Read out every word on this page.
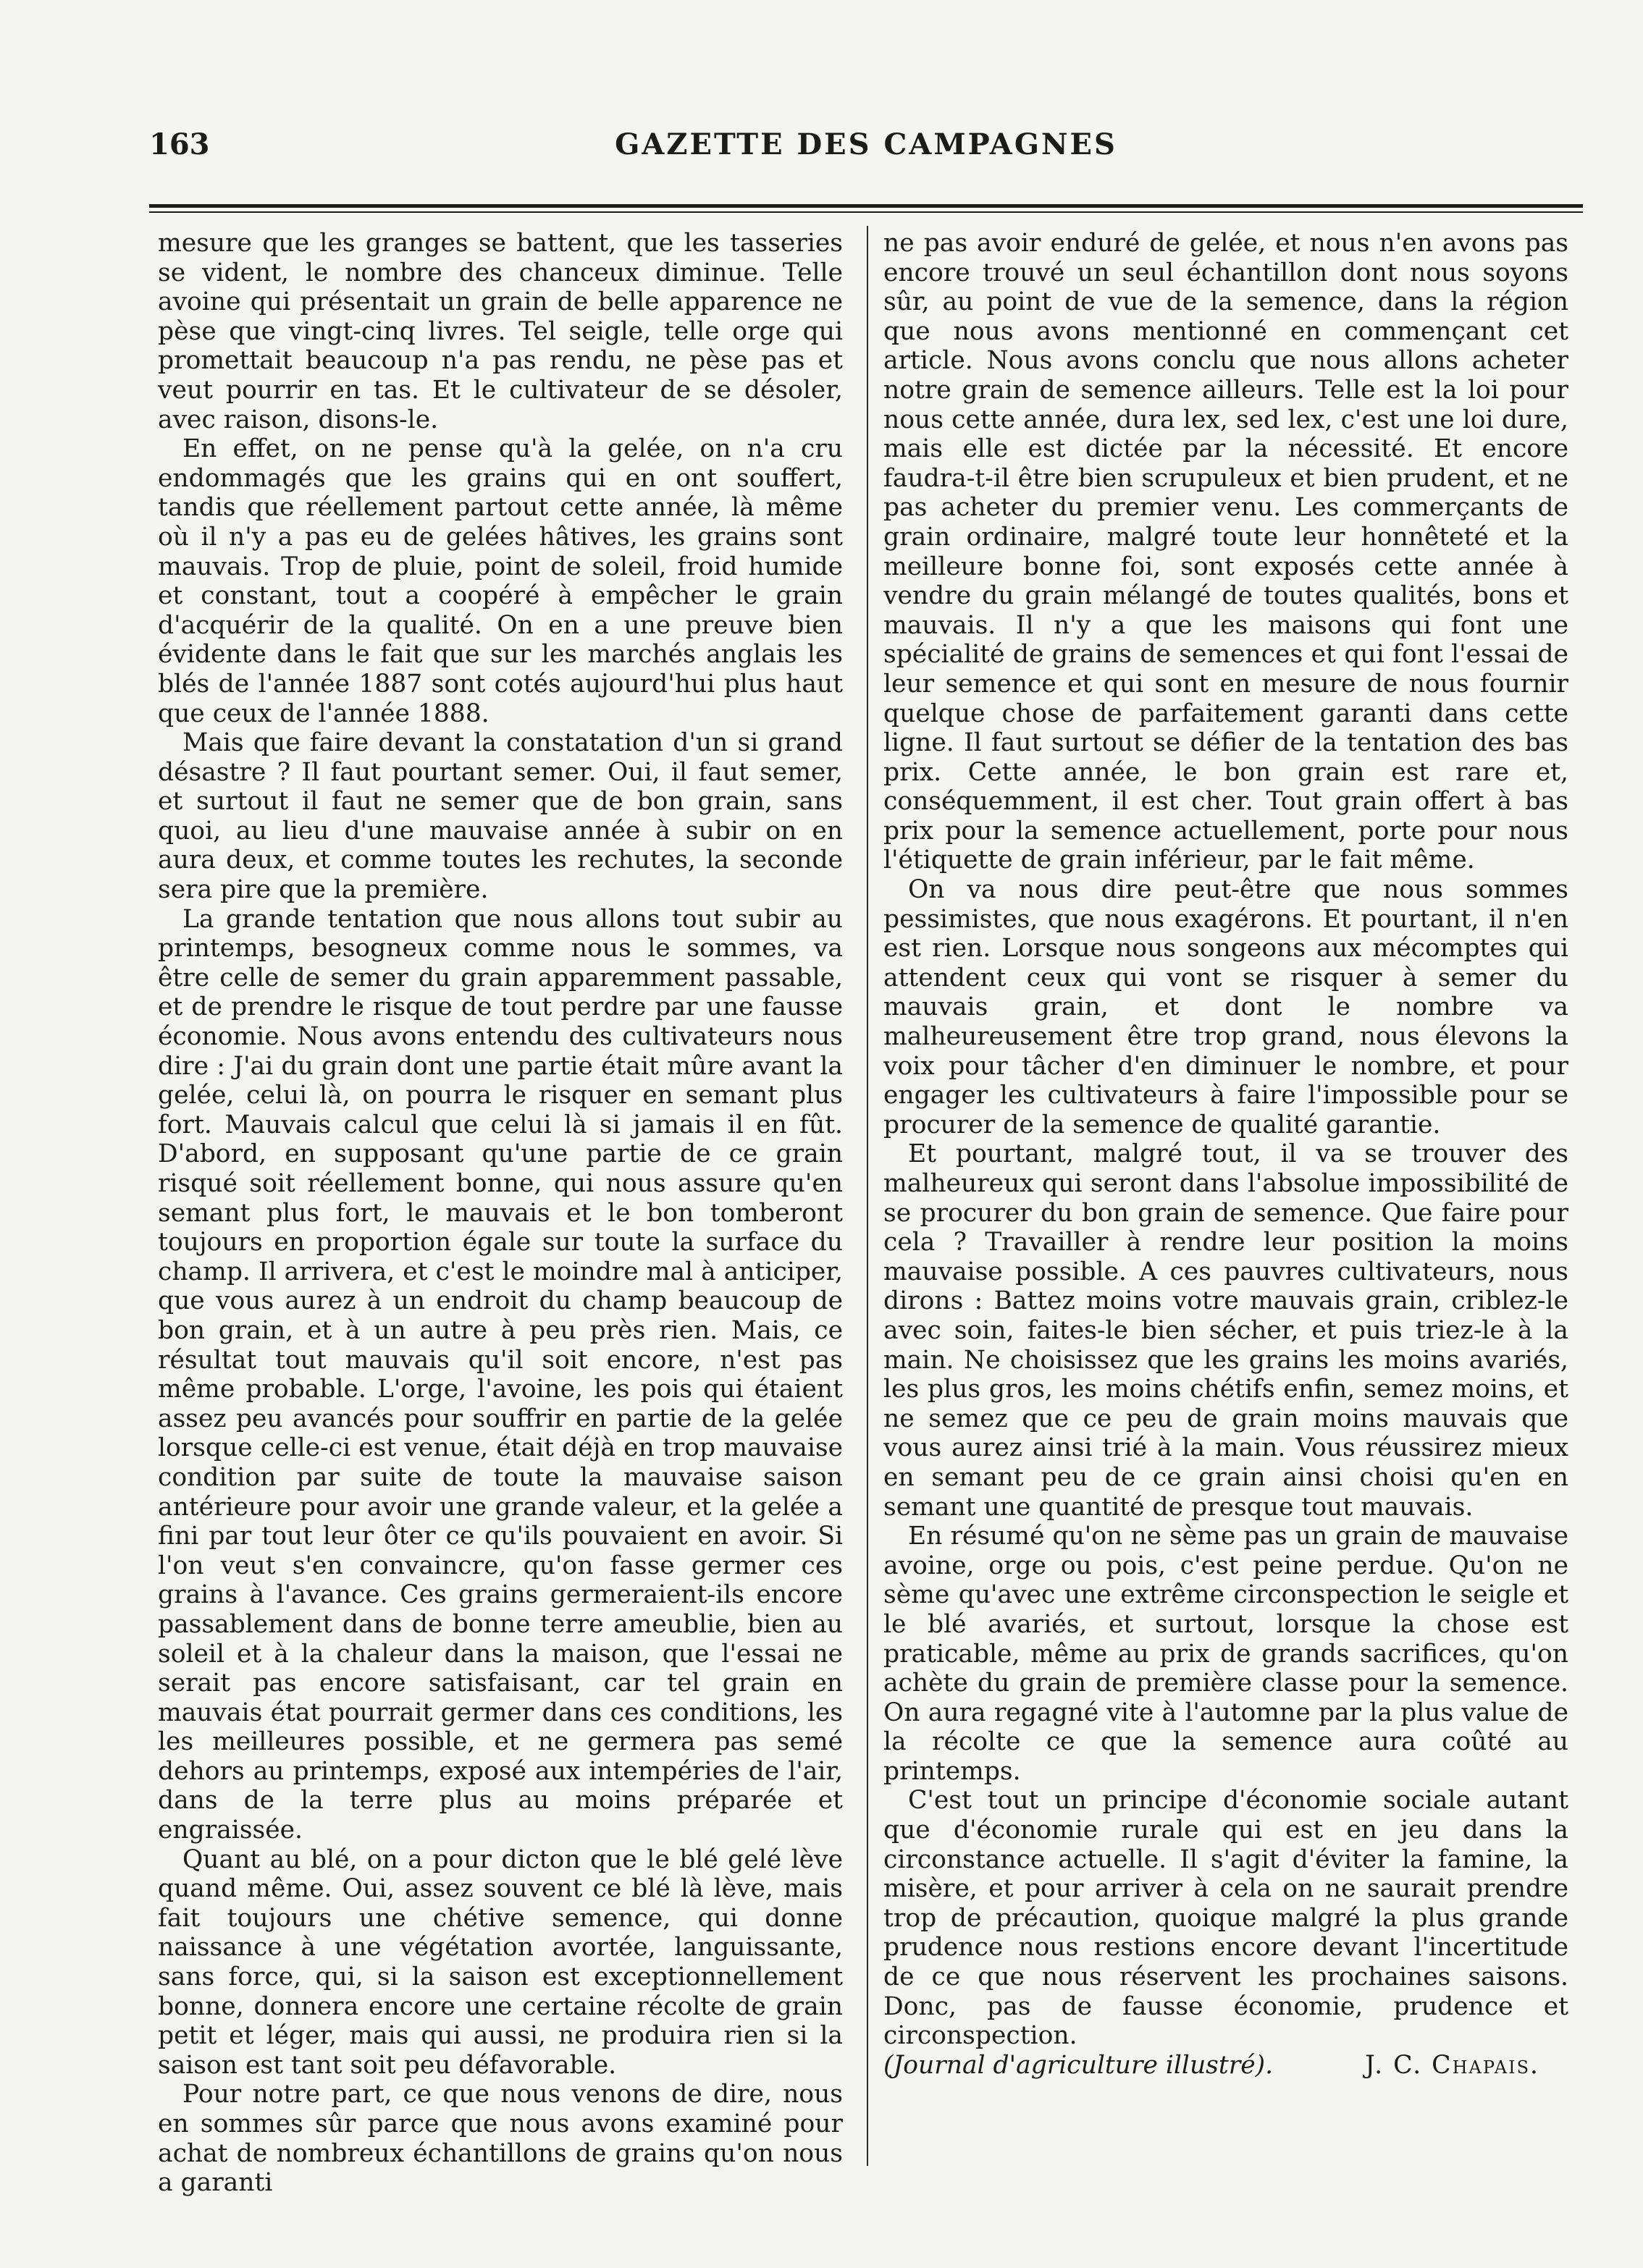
163	GAZETTE DES CAMPAGNES

mesure que les granges se battent, que les tasseries se vident, le nombre des chanceux diminue. Telle avoine qui présentait un grain de belle apparence ne pèse que vingt-cinq livres. Tel seigle, telle orge qui promettait beaucoup n'a pas rendu, ne pèse pas et veut pourrir en tas. Et le cultivateur de se désoler, avec raison, disons-le.

En effet, on ne pense qu'à la gelée, on n'a cru endommagés que les grains qui en ont souffert, tandis que réellement partout cette année, là même où il n'y a pas eu de gelées hâtives, les grains sont mauvais. Trop de pluie, point de soleil, froid humide et constant, tout a coopéré à empêcher le grain d'acquérir de la qualité. On en a une preuve bien évidente dans le fait que sur les marchés anglais les blés de l'année 1887 sont cotés aujourd'hui plus haut que ceux de l'année 1888.

Mais que faire devant la constatation d'un si grand désastre ? Il faut pourtant semer. Oui, il faut semer, et surtout il faut ne semer que de bon grain, sans quoi, au lieu d'une mauvaise année à subir on en aura deux, et comme toutes les rechutes, la seconde sera pire que la première.

La grande tentation que nous allons tout subir au printemps, besogneux comme nous le sommes, va être celle de semer du grain apparemment passable, et de prendre le risque de tout perdre par une fausse économie. Nous avons entendu des cultivateurs nous dire : J'ai du grain dont une partie était mûre avant la gelée, celui là, on pourra le risquer en semant plus fort. Mauvais calcul que celui là si jamais il en fût. D'abord, en supposant qu'une partie de ce grain risqué soit réellement bonne, qui nous assure qu'en semant plus fort, le mauvais et le bon tomberont toujours en proportion égale sur toute la surface du champ. Il arrivera, et c'est le moindre mal à anticiper, que vous aurez à un endroit du champ beaucoup de bon grain, et à un autre à peu près rien. Mais, ce résultat tout mauvais qu'il soit encore, n'est pas même probable. L'orge, l'avoine, les pois qui étaient assez peu avancés pour souffrir en partie de la gelée lorsque celle-ci est venue, était déjà en trop mauvaise condition par suite de toute la mauvaise saison antérieure pour avoir une grande valeur, et la gelée a fini par tout leur ôter ce qu'ils pouvaient en avoir. Si l'on veut s'en convaincre, qu'on fasse germer ces grains à l'avance. Ces grains germeraient-ils encore passablement dans de bonne terre ameublie, bien au soleil et à la chaleur dans la maison, que l'essai ne serait pas encore satisfaisant, car tel grain en mauvais état pourrait germer dans ces conditions, les les meilleures possible, et ne germera pas semé dehors au printemps, exposé aux intempéries de l'air, dans de la terre plus au moins préparée et engraissée.

Quant au blé, on a pour dicton que le blé gelé lève quand même. Oui, assez souvent ce blé là lève, mais fait toujours une chétive semence, qui donne naissance à une végétation avortée, languissante, sans force, qui, si la saison est exceptionnellement bonne, donnera encore une certaine récolte de grain petit et léger, mais qui aussi, ne produira rien si la saison est tant soit peu défavorable.

Pour notre part, ce que nous venons de dire, nous en sommes sûr parce que nous avons examiné pour achat de nombreux échantillons de grains qu'on nous a garanti

ne pas avoir enduré de gelée, et nous n'en avons pas encore trouvé un seul échantillon dont nous soyons sûr, au point de vue de la semence, dans la région que nous avons mentionné en commençant cet article. Nous avons conclu que nous allons acheter notre grain de semence ailleurs. Telle est la loi pour nous cette année, dura lex, sed lex, c'est une loi dure, mais elle est dictée par la nécessité. Et encore faudra-t-il être bien scrupuleux et bien prudent, et ne pas acheter du premier venu. Les commerçants de grain ordinaire, malgré toute leur honnêteté et la meilleure bonne foi, sont exposés cette année à vendre du grain mélangé de toutes qualités, bons et mauvais. Il n'y a que les maisons qui font une spécialité de grains de semences et qui font l'essai de leur semence et qui sont en mesure de nous fournir quelque chose de parfaitement garanti dans cette ligne. Il faut surtout se défier de la tentation des bas prix. Cette année, le bon grain est rare et, conséquemment, il est cher. Tout grain offert à bas prix pour la semence actuellement, porte pour nous l'étiquette de grain inférieur, par le fait même.

On va nous dire peut-être que nous sommes pessimistes, que nous exagérons. Et pourtant, il n'en est rien. Lorsque nous songeons aux mécomptes qui attendent ceux qui vont se risquer à semer du mauvais grain, et dont le nombre va malheureusement être trop grand, nous élevons la voix pour tâcher d'en diminuer le nombre, et pour engager les cultivateurs à faire l'impossible pour se procurer de la semence de qualité garantie.

Et pourtant, malgré tout, il va se trouver des malheureux qui seront dans l'absolue impossibilité de se procurer du bon grain de semence. Que faire pour cela ? Travailler à rendre leur position la moins mauvaise possible. A ces pauvres cultivateurs, nous dirons : Battez moins votre mauvais grain, criblez-le avec soin, faites-le bien sécher, et puis triez-le à la main. Ne choisissez que les grains les moins avariés, les plus gros, les moins chétifs enfin, semez moins, et ne semez que ce peu de grain moins mauvais que vous aurez ainsi trié à la main. Vous réussirez mieux en semant peu de ce grain ainsi choisi qu'en en semant une quantité de presque tout mauvais.

En résumé qu'on ne sème pas un grain de mauvaise avoine, orge ou pois, c'est peine perdue. Qu'on ne sème qu'avec une extrême circonspection le seigle et le blé avariés, et surtout, lorsque la chose est praticable, même au prix de grands sacrifices, qu'on achète du grain de première classe pour la semence. On aura regagné vite à l'automne par la plus value de la récolte ce que la semence aura coûté au printemps.

C'est tout un principe d'économie sociale autant que d'économie rurale qui est en jeu dans la circonstance actuelle. Il s'agit d'éviter la famine, la misère, et pour arriver à cela on ne saurait prendre trop de précaution, quoique malgré la plus grande prudence nous restions encore devant l'incertitude de ce que nous réservent les prochaines saisons. Donc, pas de fausse économie, prudence et circonspection.

(Journal d'agriculture illustré).	J. C. Chapais.
